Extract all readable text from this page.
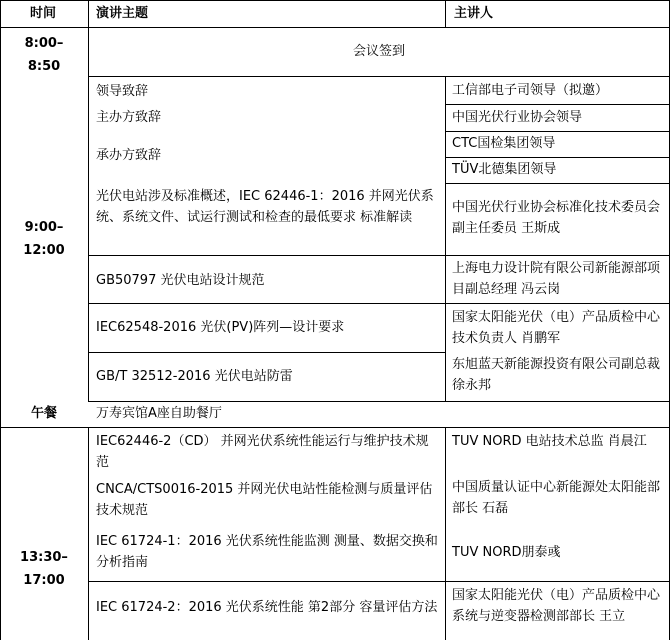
时间	演讲主题	主讲人
8:00–
8:50
9:00–
12:00
午餐
13:30–
17:00
会议签到
领导致辞
主办方致辞
承办方致辞
光伏电站涉及标准概述，IEC 62446-1：2016 并网光伏系统、系统文件、试运行测试和检查的最低要求 标准解读
GB50797 光伏电站设计规范
IEC62548-2016 光伏(PV)阵列—设计要求
GB/T 32512-2016 光伏电站防雷
工信部电子司领导（拟邀）
中国光伏行业协会领导
CTC国检集团领导
TÜV北德集团领导
中国光伏行业协会标准化技术委员会副主任委员 王斯成
上海电力设计院有限公司新能源部项目副总经理 冯云岗
国家太阳能光伏（电）产品质检中心 技术负责人 肖鹏军
东旭蓝天新能源投资有限公司副总裁 徐永邦
万寿宾馆A座自助餐厅
IEC62446-2（CD） 并网光伏系统性能运行与维护技术规范
CNCA/CTS0016-2015 并网光伏电站性能检测与质量评估技术规范
IEC 61724-1：2016 光伏系统性能监测 测量、数据交换和分析指南
IEC 61724-2：2016 光伏系统性能 第2部分 容量评估方法
TUV NORD 电站技术总监 肖晨江
中国质量认证中心新能源处太阳能部部长 石磊
TUV NORD朋泰彧
国家太阳能光伏（电）产品质检中心系统与逆变器检测部部长 王立
